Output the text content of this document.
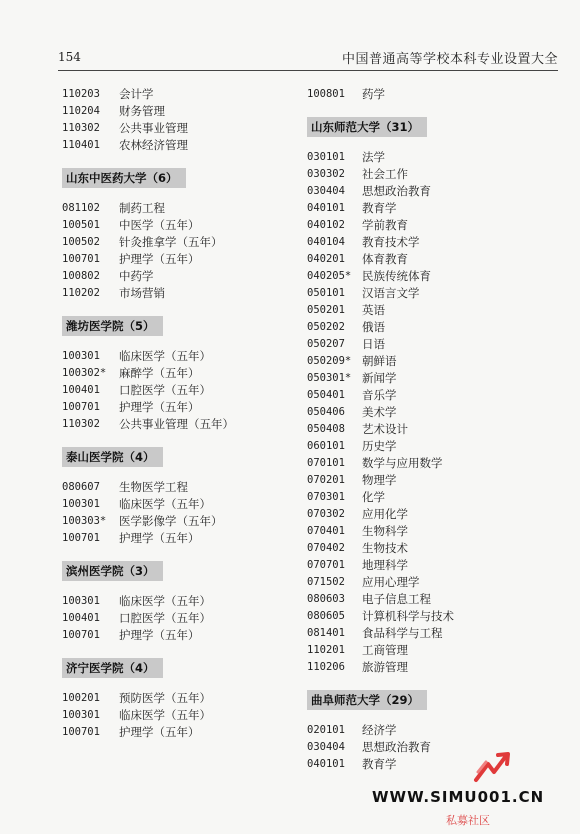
154	中国普通高等学校本科专业设置大全
110203	会计学
110204	财务管理
110302	公共事业管理
110401	农林经济管理
山东中医药大学（6）
081102	制药工程
100501	中医学（五年）
100502	针灸推拿学（五年）
100701	护理学（五年）
100802	中药学
110202	市场营销
潍坊医学院（5）
100301	临床医学（五年）
100302*	麻醉学（五年）
100401	口腔医学（五年）
100701	护理学（五年）
110302	公共事业管理（五年）
泰山医学院（4）
080607	生物医学工程
100301	临床医学（五年）
100303*	医学影像学（五年）
100701	护理学（五年）
滨州医学院（3）
100301	临床医学（五年）
100401	口腔医学（五年）
100701	护理学（五年）
济宁医学院（4）
100201	预防医学（五年）
100301	临床医学（五年）
100701	护理学（五年）
100801	药学
山东师范大学（31）
030101	法学
030302	社会工作
030404	思想政治教育
040101	教育学
040102	学前教育
040104	教育技术学
040201	体育教育
040205* 民族传统体育
050101	汉语言文学
050201	英语
050202	俄语
050207	日语
050209* 朝鲜语
050301* 新闻学
050401	音乐学
050406	美术学
050408	艺术设计
060101	历史学
070101	数学与应用数学
070201	物理学
070301	化学
070302	应用化学
070401	生物科学
070402	生物技术
070701	地理科学
071502	应用心理学
080603	电子信息工程
080605	计算机科学与技术
081401	食品科学与工程
110201	工商管理
110206	旅游管理
曲阜师范大学（29）
020101	经济学
030404	思想政治教育
040101	教育学
WWW.SIMU001.CN
私募社区
